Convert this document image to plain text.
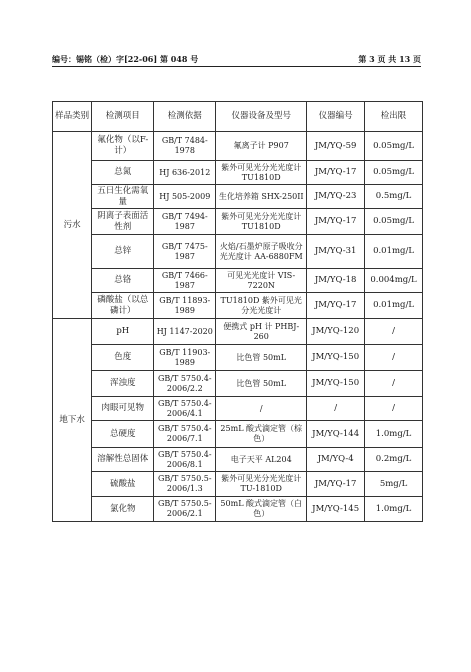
编号：锡铭（检）字[22-06] 第 048 号	第 3 页 共 13 页
样品类别	检测项目	检测依据	仪器设备及型号	仪器编号	检出限
污水	氟化物（以F-计）	GB/T 7484-1978	氟离子计 P907	JM/YQ-59	0.05mg/L
	总氮	HJ 636-2012	紫外可见光分光光度计 TU1810D	JM/YQ-17	0.05mg/L
	五日生化需氧量	HJ 505-2009	生化培养箱 SHX-250II	JM/YQ-23	0.5mg/L
	阴离子表面活性剂	GB/T 7494-1987	紫外可见光分光光度计 TU1810D	JM/YQ-17	0.05mg/L
	总锌	GB/T 7475-1987	火焰/石墨炉原子吸收分光光度计 AA-6880FM	JM/YQ-31	0.01mg/L
	总铬	GB/T 7466-1987	可见光光度计 VIS-7220N	JM/YQ-18	0.004mg/L
	磷酸盐（以总磷计）	GB/T 11893-1989	TU1810D 紫外可见光分光光度计	JM/YQ-17	0.01mg/L
地下水	pH	HJ 1147-2020	便携式 pH 计 PHBJ-260	JM/YQ-120	/
	色度	GB/T 11903-1989	比色管 50mL	JM/YQ-150	/
	浑浊度	GB/T 5750.4-2006/2.2	比色管 50mL	JM/YQ-150	/
	肉眼可见物	GB/T 5750.4-2006/4.1	/	/	/
	总硬度	GB/T 5750.4-2006/7.1	25mL 酸式滴定管（棕色）	JM/YQ-144	1.0mg/L
	溶解性总固体	GB/T 5750.4-2006/8.1	电子天平 AL204	JM/YQ-4	0.2mg/L
	硫酸盐	GB/T 5750.5-2006/1.3	紫外可见光分光光度计 TU-1810D	JM/YQ-17	5mg/L
	氯化物	GB/T 5750.5-2006/2.1	50mL 酸式滴定管（白色）	JM/YQ-145	1.0mg/L
